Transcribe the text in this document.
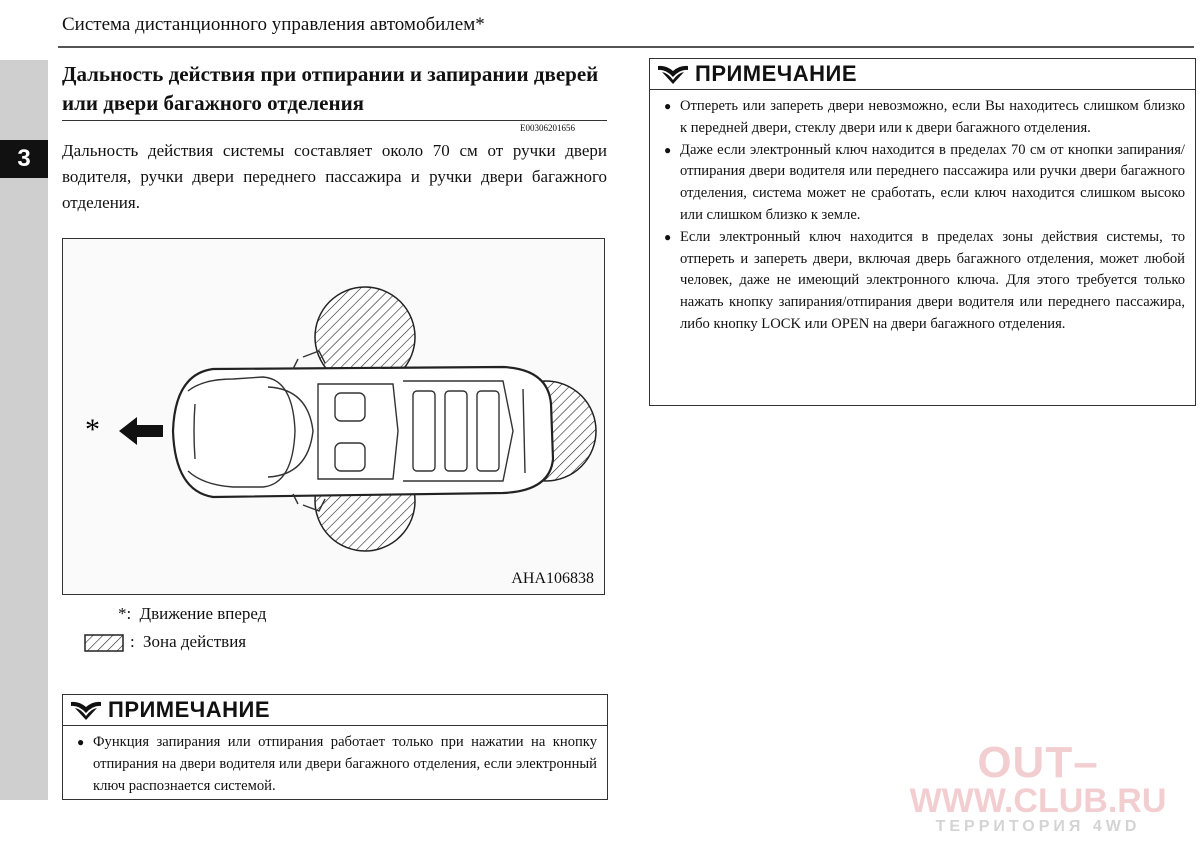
3
Система дистанционного управления автомобилем*
Дальность действия при отпирании и запирании дверей или двери багажного отделения
E00306201656
Дальность действия системы составляет около 70 см от ручки двери водителя, ручки двери переднего пассажира и ручки двери багажного отделения.
*
AHA106838
*: Движение вперед
: Зона действия
ПРИМЕЧАНИЕ
● Функция запирания или отпирания работает только при нажатии на кнопку отпирания на двери водителя или двери багажного отделения, если электронный ключ распознается системой.
ПРИМЕЧАНИЕ
● Отпереть или запереть двери невозможно, если Вы находитесь слишком близко к передней двери, стеклу двери или к двери багажного отделения.
● Даже если электронный ключ находится в пределах 70 см от кнопки запирания/отпирания двери водителя или переднего пассажира или ручки двери багажного отделения, система может не сработать, если ключ находится слишком высоко или слишком близко к земле.
● Если электронный ключ находится в пределах зоны действия системы, то отпереть и запереть двери, включая дверь багажного отделения, может любой человек, даже не имеющий электронного ключа. Для этого требуется только нажать кнопку запирания/отпирания двери водителя или переднего пассажира, либо кнопку LOCK или OPEN на двери багажного отделения.
OUT–
WWW.CLUB.RU
ТЕРРИТОРИЯ 4WD
